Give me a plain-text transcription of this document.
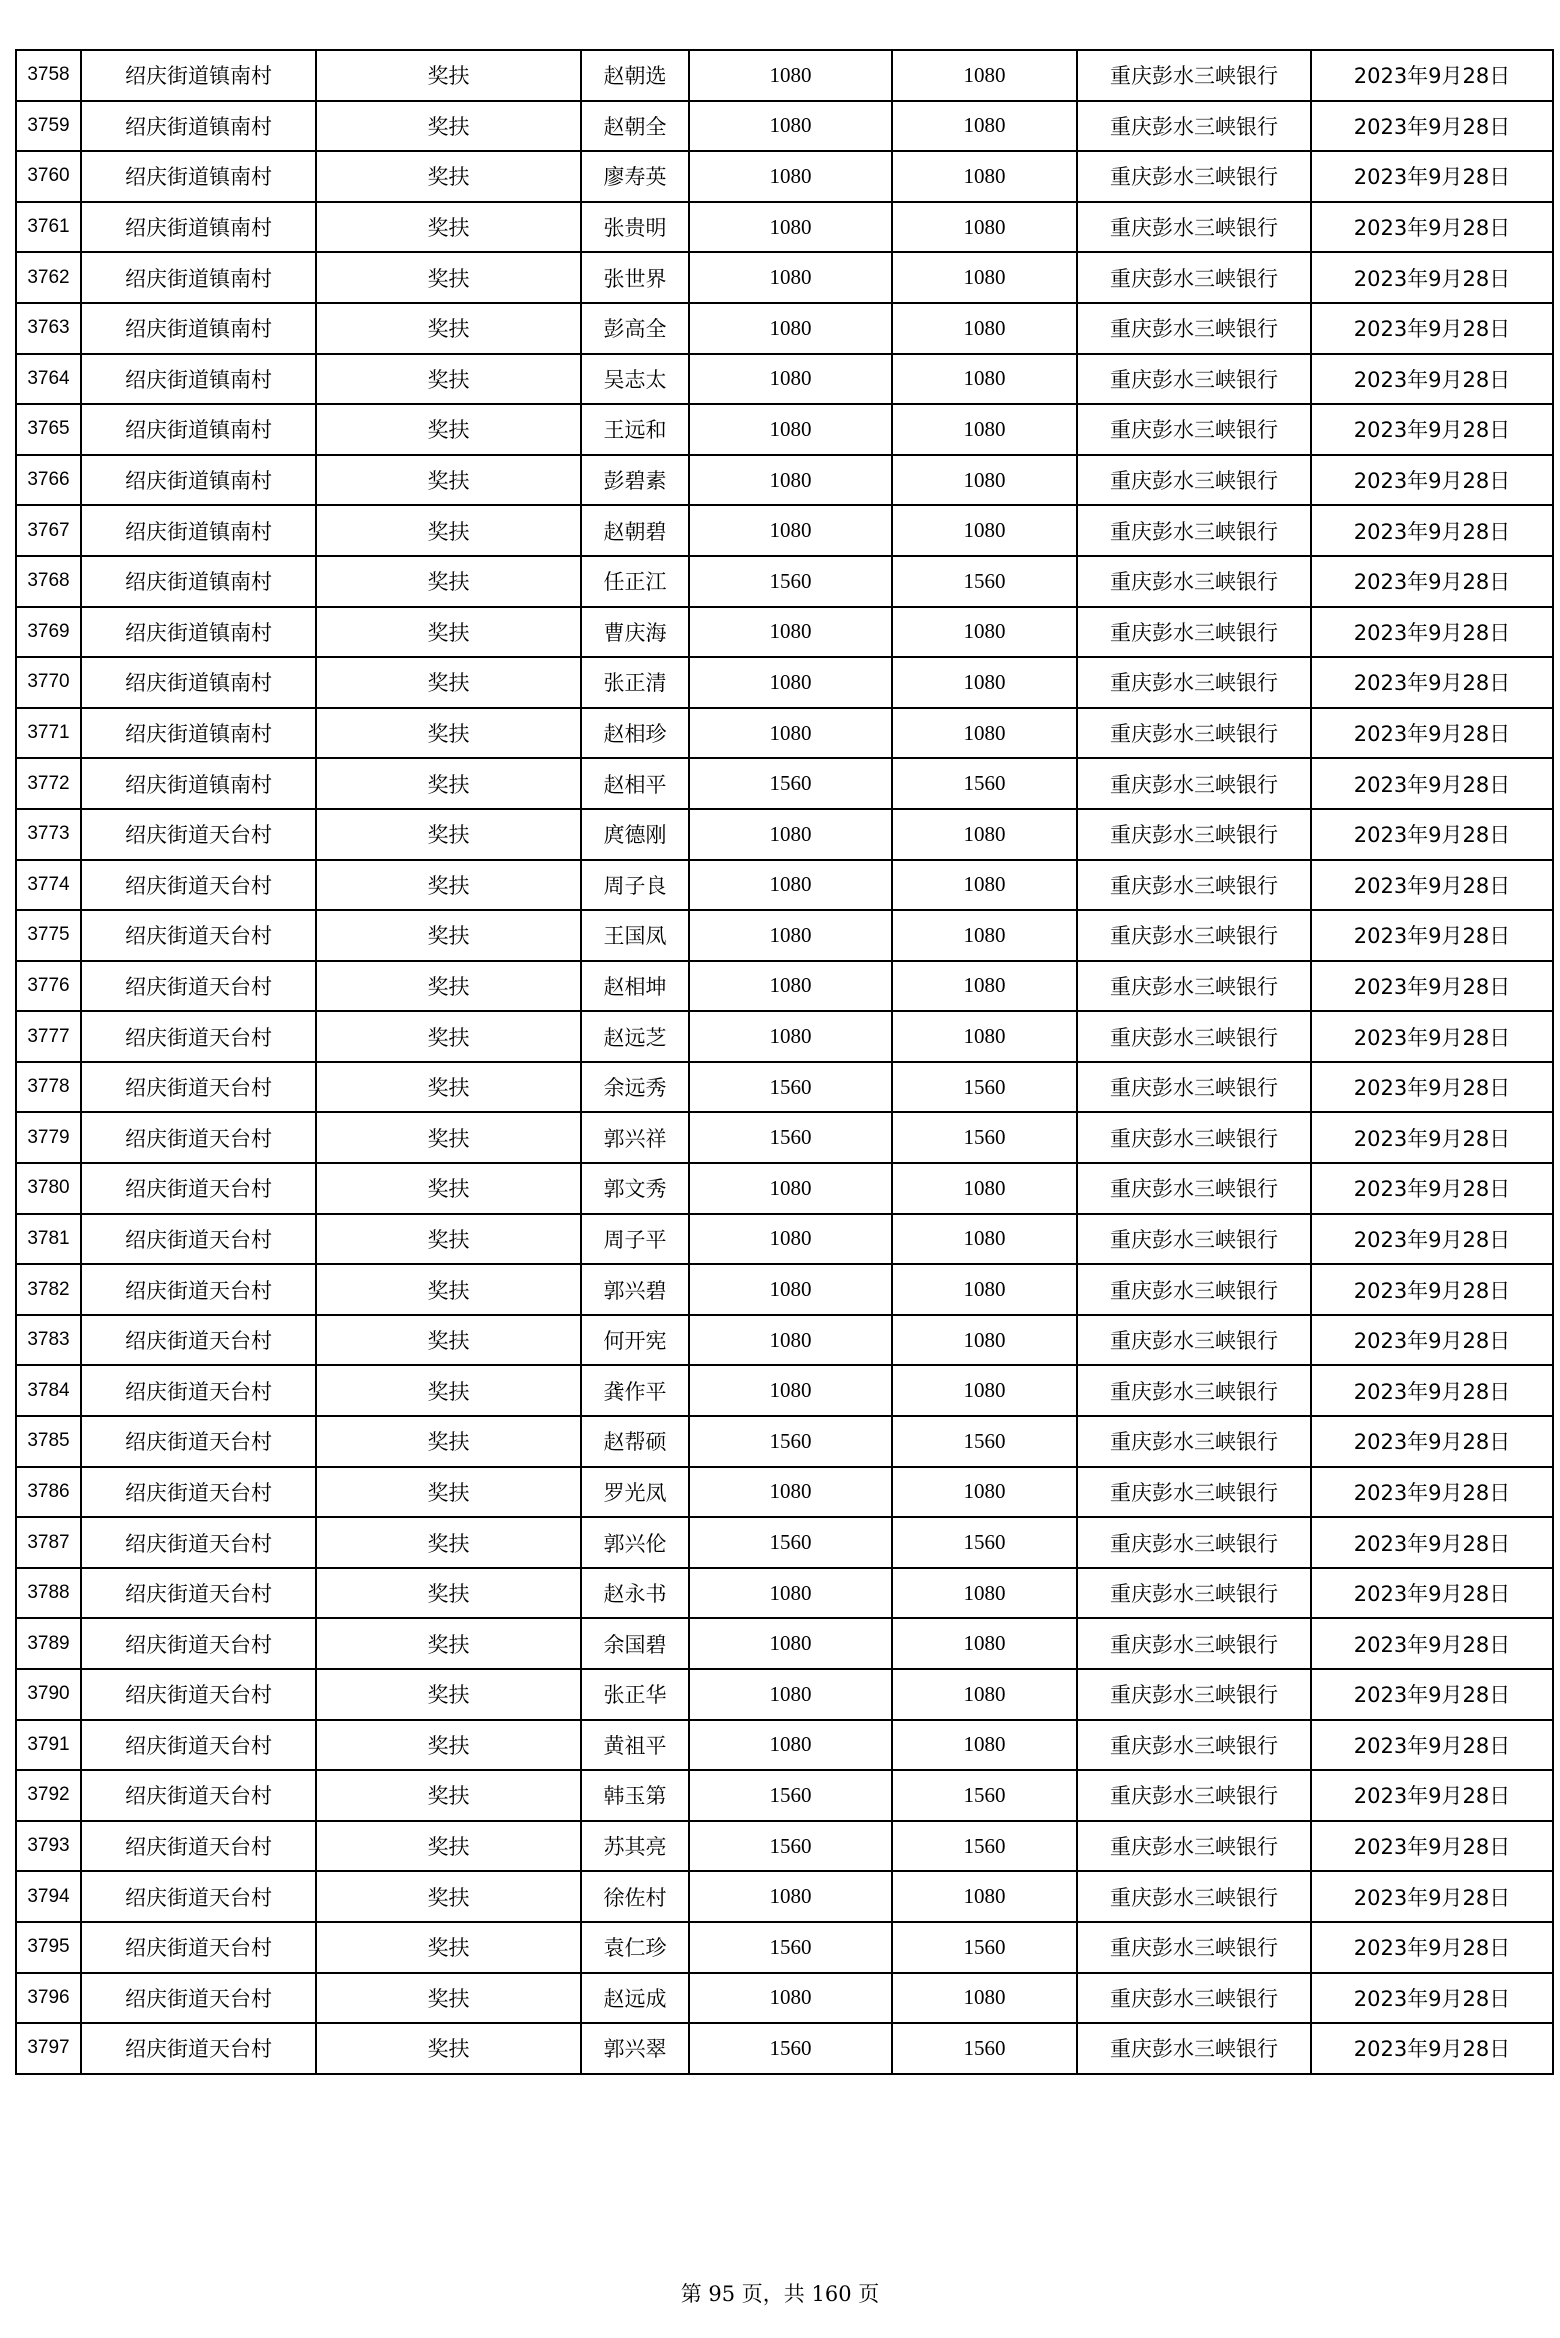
3758	绍庆街道镇南村	奖扶	赵朝选	1080	1080	重庆彭水三峡银行	2023年9月28日
3759	绍庆街道镇南村	奖扶	赵朝全	1080	1080	重庆彭水三峡银行	2023年9月28日
3760	绍庆街道镇南村	奖扶	廖寿英	1080	1080	重庆彭水三峡银行	2023年9月28日
3761	绍庆街道镇南村	奖扶	张贵明	1080	1080	重庆彭水三峡银行	2023年9月28日
3762	绍庆街道镇南村	奖扶	张世界	1080	1080	重庆彭水三峡银行	2023年9月28日
3763	绍庆街道镇南村	奖扶	彭高全	1080	1080	重庆彭水三峡银行	2023年9月28日
3764	绍庆街道镇南村	奖扶	吴志太	1080	1080	重庆彭水三峡银行	2023年9月28日
3765	绍庆街道镇南村	奖扶	王远和	1080	1080	重庆彭水三峡银行	2023年9月28日
3766	绍庆街道镇南村	奖扶	彭碧素	1080	1080	重庆彭水三峡银行	2023年9月28日
3767	绍庆街道镇南村	奖扶	赵朝碧	1080	1080	重庆彭水三峡银行	2023年9月28日
3768	绍庆街道镇南村	奖扶	任正江	1560	1560	重庆彭水三峡银行	2023年9月28日
3769	绍庆街道镇南村	奖扶	曹庆海	1080	1080	重庆彭水三峡银行	2023年9月28日
3770	绍庆街道镇南村	奖扶	张正清	1080	1080	重庆彭水三峡银行	2023年9月28日
3771	绍庆街道镇南村	奖扶	赵相珍	1080	1080	重庆彭水三峡银行	2023年9月28日
3772	绍庆街道镇南村	奖扶	赵相平	1560	1560	重庆彭水三峡银行	2023年9月28日
3773	绍庆街道天台村	奖扶	庹德刚	1080	1080	重庆彭水三峡银行	2023年9月28日
3774	绍庆街道天台村	奖扶	周子良	1080	1080	重庆彭水三峡银行	2023年9月28日
3775	绍庆街道天台村	奖扶	王国凤	1080	1080	重庆彭水三峡银行	2023年9月28日
3776	绍庆街道天台村	奖扶	赵相坤	1080	1080	重庆彭水三峡银行	2023年9月28日
3777	绍庆街道天台村	奖扶	赵远芝	1080	1080	重庆彭水三峡银行	2023年9月28日
3778	绍庆街道天台村	奖扶	余远秀	1560	1560	重庆彭水三峡银行	2023年9月28日
3779	绍庆街道天台村	奖扶	郭兴祥	1560	1560	重庆彭水三峡银行	2023年9月28日
3780	绍庆街道天台村	奖扶	郭文秀	1080	1080	重庆彭水三峡银行	2023年9月28日
3781	绍庆街道天台村	奖扶	周子平	1080	1080	重庆彭水三峡银行	2023年9月28日
3782	绍庆街道天台村	奖扶	郭兴碧	1080	1080	重庆彭水三峡银行	2023年9月28日
3783	绍庆街道天台村	奖扶	何开宪	1080	1080	重庆彭水三峡银行	2023年9月28日
3784	绍庆街道天台村	奖扶	龚作平	1080	1080	重庆彭水三峡银行	2023年9月28日
3785	绍庆街道天台村	奖扶	赵帮硕	1560	1560	重庆彭水三峡银行	2023年9月28日
3786	绍庆街道天台村	奖扶	罗光凤	1080	1080	重庆彭水三峡银行	2023年9月28日
3787	绍庆街道天台村	奖扶	郭兴伦	1560	1560	重庆彭水三峡银行	2023年9月28日
3788	绍庆街道天台村	奖扶	赵永书	1080	1080	重庆彭水三峡银行	2023年9月28日
3789	绍庆街道天台村	奖扶	余国碧	1080	1080	重庆彭水三峡银行	2023年9月28日
3790	绍庆街道天台村	奖扶	张正华	1080	1080	重庆彭水三峡银行	2023年9月28日
3791	绍庆街道天台村	奖扶	黄祖平	1080	1080	重庆彭水三峡银行	2023年9月28日
3792	绍庆街道天台村	奖扶	韩玉第	1560	1560	重庆彭水三峡银行	2023年9月28日
3793	绍庆街道天台村	奖扶	苏其亮	1560	1560	重庆彭水三峡银行	2023年9月28日
3794	绍庆街道天台村	奖扶	徐佐村	1080	1080	重庆彭水三峡银行	2023年9月28日
3795	绍庆街道天台村	奖扶	袁仁珍	1560	1560	重庆彭水三峡银行	2023年9月28日
3796	绍庆街道天台村	奖扶	赵远成	1080	1080	重庆彭水三峡银行	2023年9月28日
3797	绍庆街道天台村	奖扶	郭兴翠	1560	1560	重庆彭水三峡银行	2023年9月28日
第 95 页，共 160 页
